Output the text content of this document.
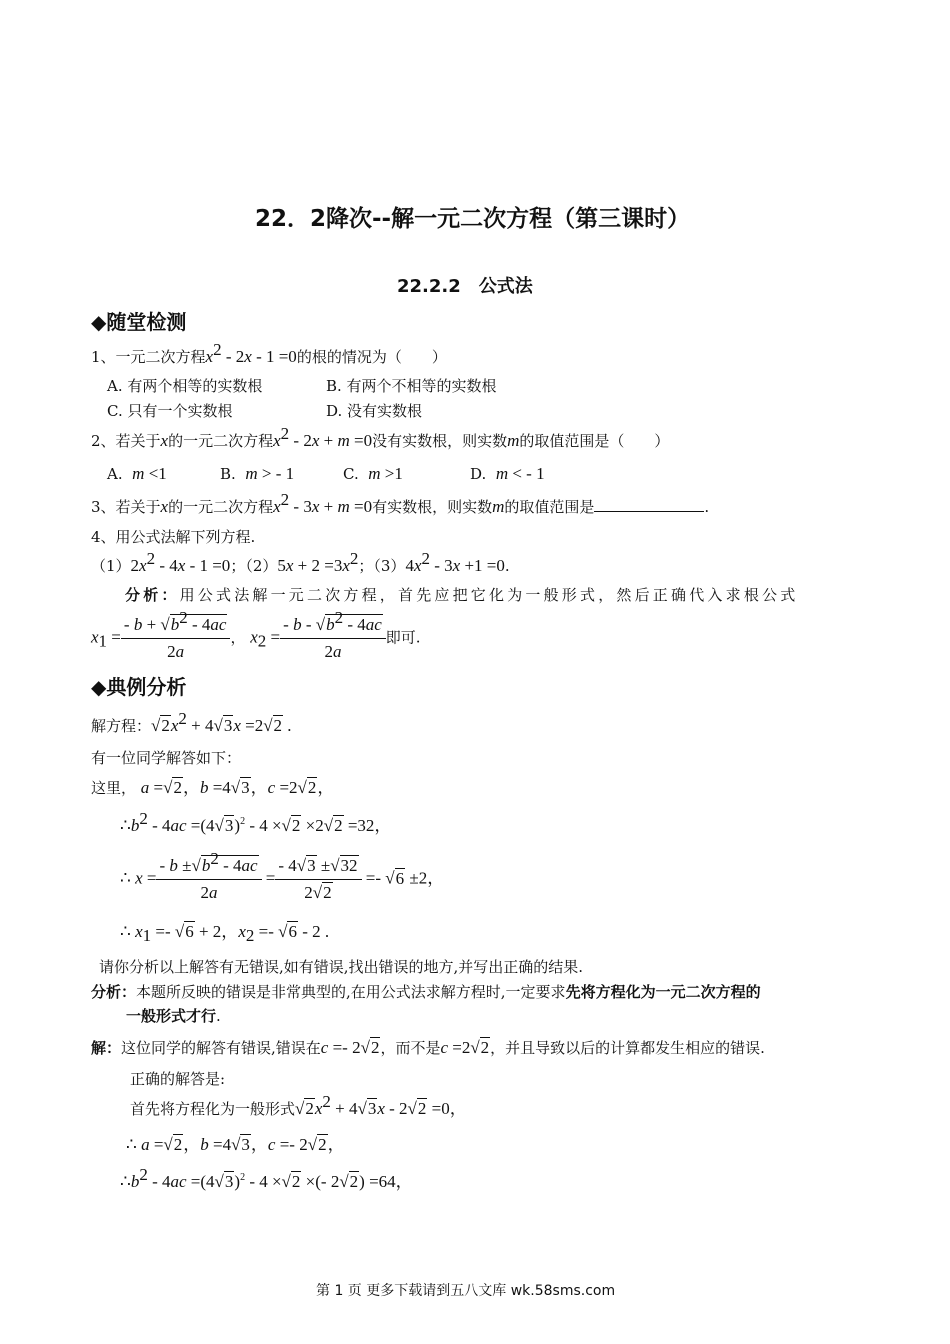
22．2降次--解一元二次方程（第三课时）
22.2.2　公式法
◆随堂检测
1、一元二次方程$x^2 - 2x - 1 =0$的根的情况为（　　）
A. 有两个相等的实数根	B. 有两个不相等的实数根
C. 只有一个实数根	D. 没有实数根
2、若关于x的一元二次方程$x^2 - 2x + m =0$没有实数根，则实数m的取值范围是（　　）
A. m <1	B. m > - 1	C. m >1	D. m < - 1
3、若关于x的一元二次方程$x^2 - 3x + m =0$有实数根，则实数m的取值范围是	.
4、用公式法解下列方程.
$(1)2x^2 - 4x - 1 =0$；$(2)5x + 2 =3x^2$；$(3)4x^2 - 3x +1 =0$.
分析：用公式法解一元二次方程，首先应把它化为一般形式，然后正确代入求根公式
$x_1 = \frac{- b + √b^2 - 4ac}{2a}$ ， $x_2 = \frac{- b - √b^2 - 4ac}{2a}$ 即可.
◆典例分析
解方程：$√2x^2 + 4√3x =2√2$ .
有一位同学解答如下：
这里， a =√2，b =4√3，c =2√2，
$\therefore b^2 - 4ac =(4√3)^2 - 4 \times√2 \times 2√2 =32$，
∴ $x = \frac{- b \pm√b^2 - 4ac}{2a} = \frac{- 4√3 \pm√32}{2√2} =- √6 \pm 2$，
∴ $x_1 =- √6 + 2$，$x_2 =- √6 - 2$ .
请你分析以上解答有无错误,如有错误,找出错误的地方,并写出正确的结果.
分析：本题所反映的错误是非常典型的,在用公式法求解方程时,一定要求先将方程化为一元二次方程的
一般形式才行.
解：这位同学的解答有错误,错误在c =- 2√2，而不是c =2√2，并且导致以后的计算都发生相应的错误.
正确的解答是:
首先将方程化为一般形式$√2x^2 + 4√3x - 2√2 =0$，
∴ a =√2，b =4√3，c =- 2√2，
$\therefore b^2 - 4ac =(4√3)^2 - 4 \times√2$ ×(- 2√2) =64，
第 1 页 更多下载请到五八文库 wk.58sms.com
